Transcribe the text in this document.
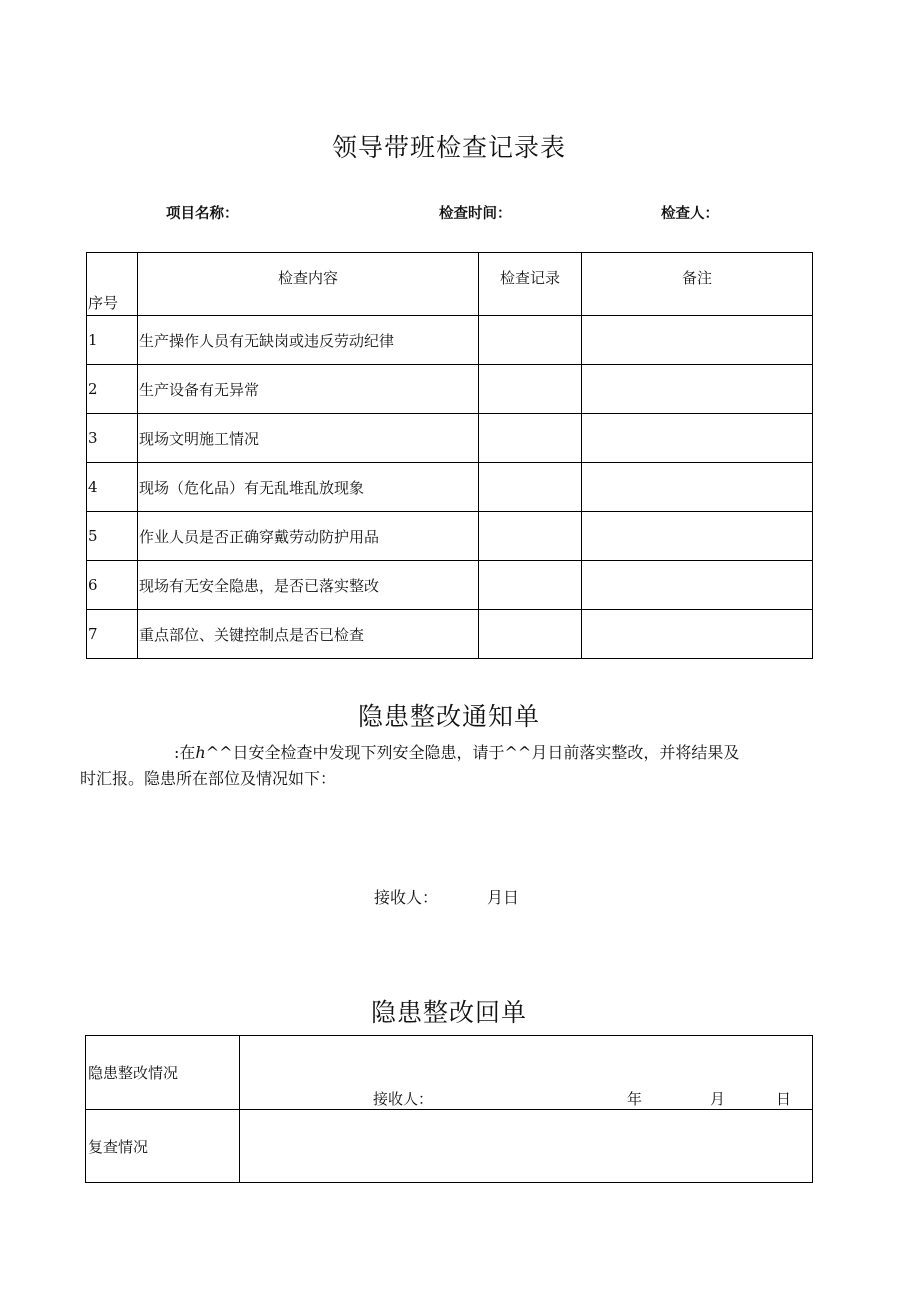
领导带班检查记录表
项目名称：	检查时间：	检查人：
序号	检查内容	检查记录	备注
1	生产操作人员有无缺岗或违反劳动纪律		
2	生产设备有无异常		
3	现场文明施工情况		
4	现场（危化品）有无乱堆乱放现象		
5	作业人员是否正确穿戴劳动防护用品		
6	现场有无安全隐患，是否已落实整改		
7	重点部位、关键控制点是否已检查		
隐患整改通知单
:在ℎ^^日安全检查中发现下列安全隐患，请于^^月日前落实整改，并将结果及
时汇报。隐患所在部位及情况如下：
接收人：	月日
隐患整改回单
隐患整改情况	接收人： 年 月 日

复查情况	
